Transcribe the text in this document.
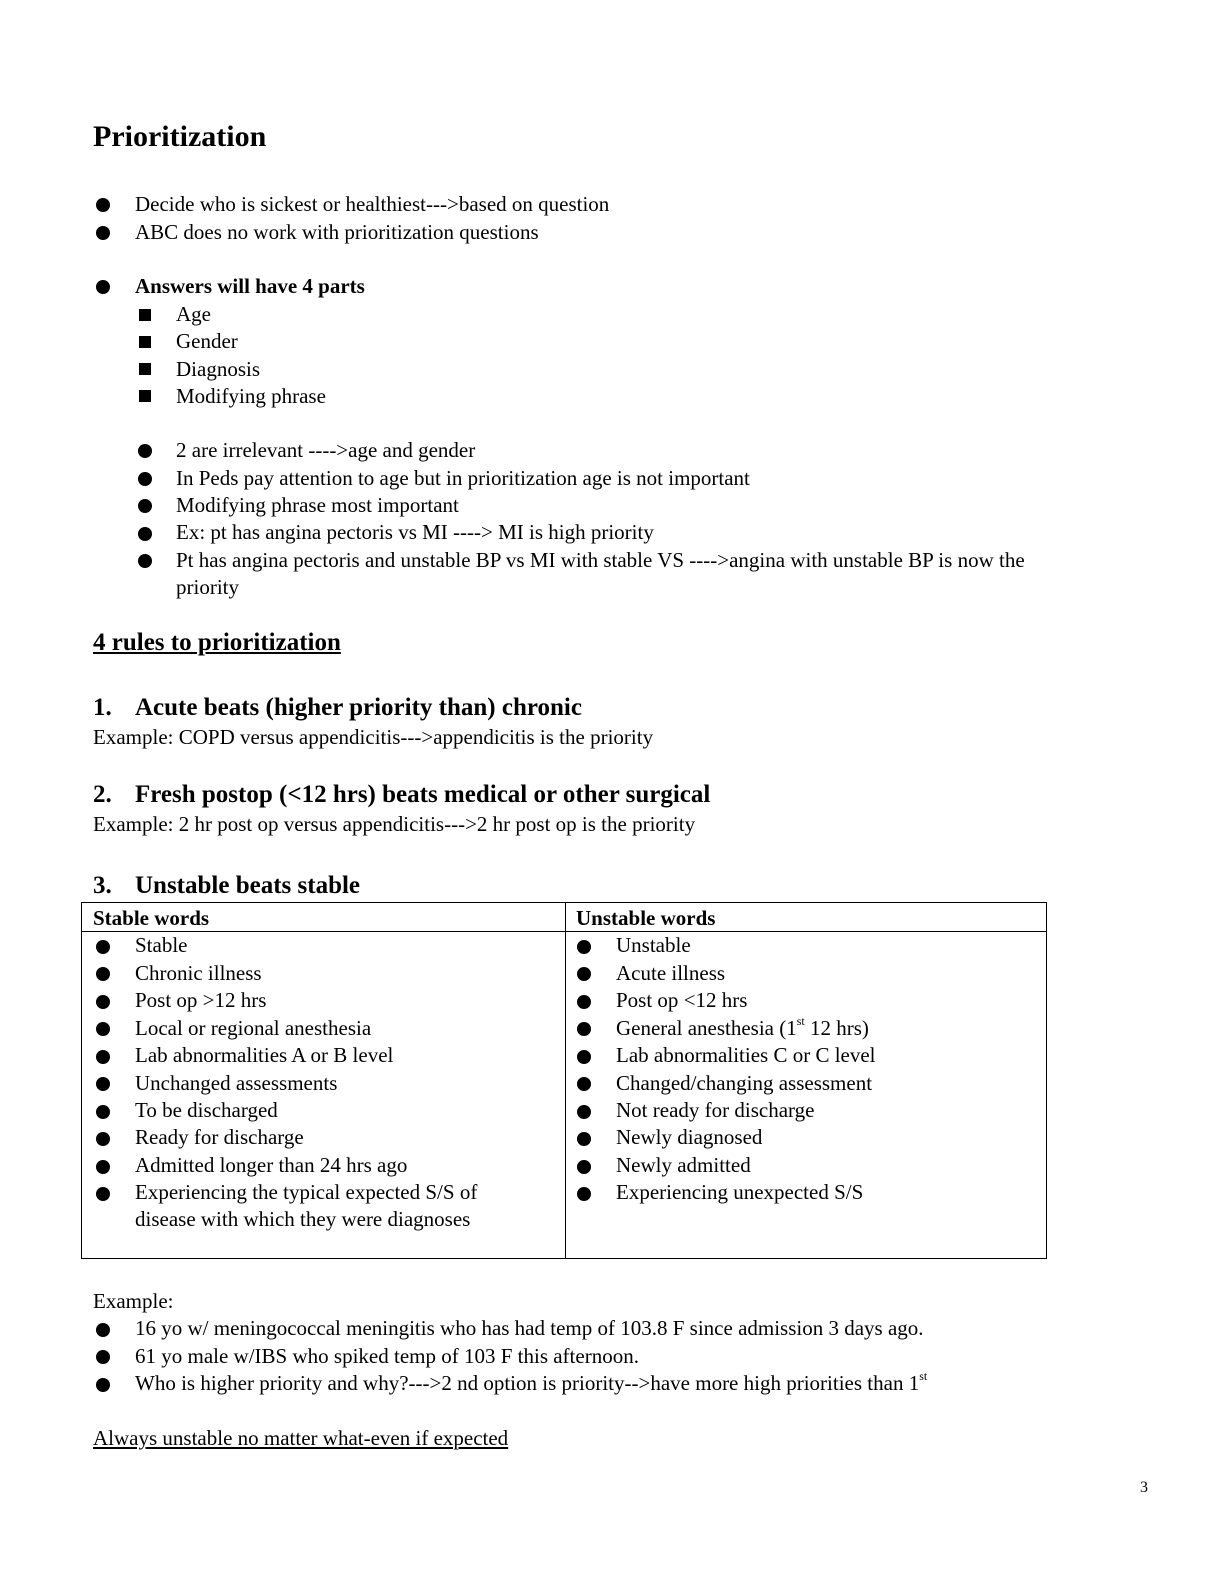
Prioritization
Decide who is sickest or healthiest--->based on question
ABC does no work with prioritization questions
Answers will have 4 parts
Age
Gender
Diagnosis
Modifying phrase
2 are irrelevant ---->age and gender
In Peds pay attention to age but in prioritization age is not important
Modifying phrase most important
Ex: pt has angina pectoris vs MI ----> MI is high priority
Pt has angina pectoris and unstable BP vs MI with stable VS ---->angina with unstable BP is now the
priority
4 rules to prioritization
1. Acute beats (higher priority than) chronic
Example: COPD versus appendicitis--->appendicitis is the priority
2. Fresh postop (<12 hrs) beats medical or other surgical
Example: 2 hr post op versus appendicitis--->2 hr post op is the priority
3. Unstable beats stable
Stable words	Unstable words
Stable
Chronic illness
Post op >12 hrs
Local or regional anesthesia
Lab abnormalities A or B level
Unchanged assessments
To be discharged
Ready for discharge
Admitted longer than 24 hrs ago
Experiencing the typical expected S/S of
disease with which they were diagnoses
Unstable
Acute illness
Post op <12 hrs
General anesthesia (1st 12 hrs)
Lab abnormalities C or C level
Changed/changing assessment
Not ready for discharge
Newly diagnosed
Newly admitted
Experiencing unexpected S/S
Example:
16 yo w/ meningococcal meningitis who has had temp of 103.8 F since admission 3 days ago.
61 yo male w/IBS who spiked temp of 103 F this afternoon.
Who is higher priority and why?--->2 nd option is priority-->have more high priorities than 1st
Always unstable no matter what-even if expected
3
